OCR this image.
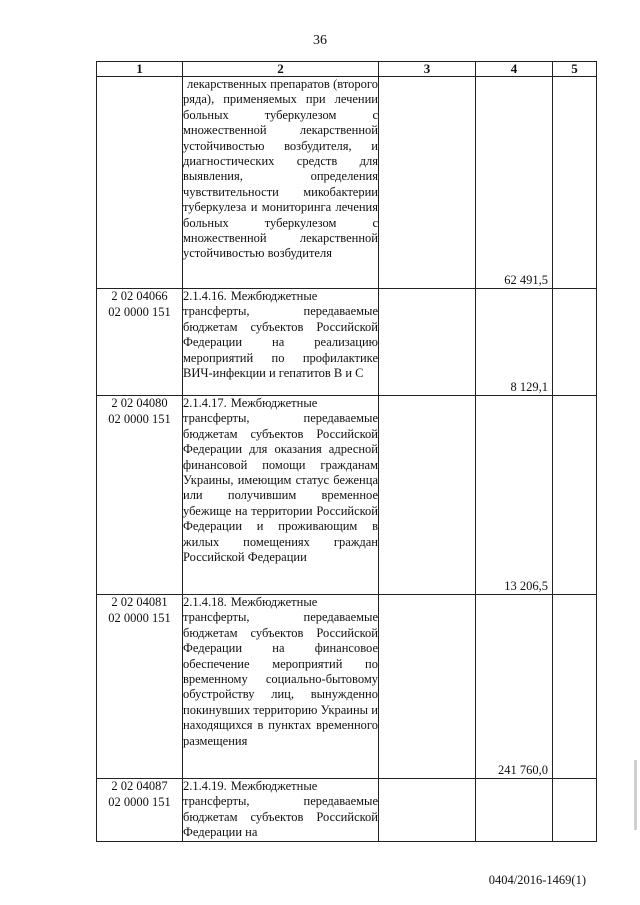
36
1	2	3	4	5

	лекарственных препаратов (второго ряда), применяемых при лечении больных туберкулезом с множественной лекарственной устойчивостью возбудителя, и диагностических средств для выявления, определения чувствительности микобактерии туберкулеза и мониторинга лечения больных туберкулезом с множественной лекарственной устойчивостью возбудителя		62 491,5	

2 02 04066
02 0000 151	2.1.4.16. Межбюджетные трансферты, передаваемые бюджетам субъектов Российской Федерации на реализацию мероприятий по профилактике ВИЧ-инфекции и гепатитов В и С		8 129,1	

2 02 04080
02 0000 151	2.1.4.17. Межбюджетные трансферты, передаваемые бюджетам субъектов Российской Федерации для оказания адресной финансовой помощи гражданам Украины, имеющим статус беженца или получившим временное убежище на территории Российской Федерации и проживающим в жилых помещениях граждан Российской Федерации		13 206,5	

2 02 04081
02 0000 151	2.1.4.18. Межбюджетные трансферты, передаваемые бюджетам субъектов Российской Федерации на финансовое обеспечение мероприятий по временному социально-бытовому обустройству лиц, вынужденно покинувших территорию Украины и находящихся в пунктах временного размещения		241 760,0	

2 02 04087
02 0000 151	2.1.4.19. Межбюджетные трансферты, передаваемые бюджетам субъектов Российской Федерации на			
0404/2016-1469(1)
